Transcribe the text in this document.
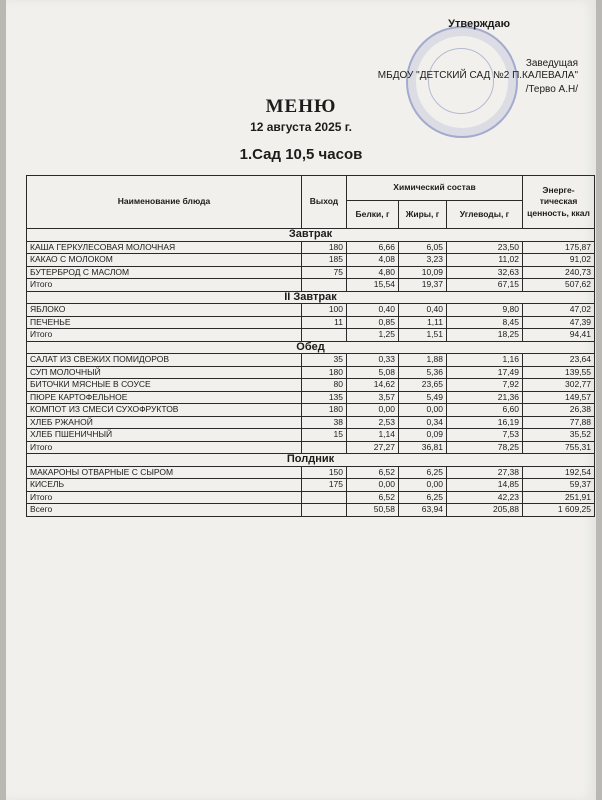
Утверждаю
Заведущая
МБДОУ "ДЕТСКИЙ САД №2 П.КАЛЕВАЛА"
/Терво А.Н/
МЕНЮ
12 августа 2025 г.
1.Сад 10,5 часов
Наименование блюда	Выход	Химический состав			Энерге-тическая ценность, ккал
		Белки, г	Жиры, г	Углеводы, г	
Завтрак					
КАША ГЕРКУЛЕСОВАЯ МОЛОЧНАЯ	180	6,66	6,05	23,50	175,87
КАКАО С МОЛОКОМ	185	4,08	3,23	11,02	91,02
БУТЕРБРОД С МАСЛОМ	75	4,80	10,09	32,63	240,73
Итого		15,54	19,37	67,15	507,62
II Завтрак					
ЯБЛОКО	100	0,40	0,40	9,80	47,02
ПЕЧЕНЬЕ	11	0,85	1,11	8,45	47,39
Итого		1,25	1,51	18,25	94,41
Обед					
САЛАТ ИЗ СВЕЖИХ ПОМИДОРОВ	35	0,33	1,88	1,16	23,64
СУП МОЛОЧНЫЙ	180	5,08	5,36	17,49	139,55
БИТОЧКИ МЯСНЫЕ В СОУСЕ	80	14,62	23,65	7,92	302,77
ПЮРЕ КАРТОФЕЛЬНОЕ	135	3,57	5,49	21,36	149,57
КОМПОТ ИЗ СМЕСИ СУХОФРУКТОВ	180	0,00	0,00	6,60	26,38
ХЛЕБ РЖАНОЙ	38	2,53	0,34	16,19	77,88
ХЛЕБ ПШЕНИЧНЫЙ	15	1,14	0,09	7,53	35,52
Итого		27,27	36,81	78,25	755,31
Полдник					
МАКАРОНЫ ОТВАРНЫЕ С СЫРОМ	150	6,52	6,25	27,38	192,54
КИСЕЛЬ	175	0,00	0,00	14,85	59,37
Итого		6,52	6,25	42,23	251,91
Всего		50,58	63,94	205,88	1 609,25
